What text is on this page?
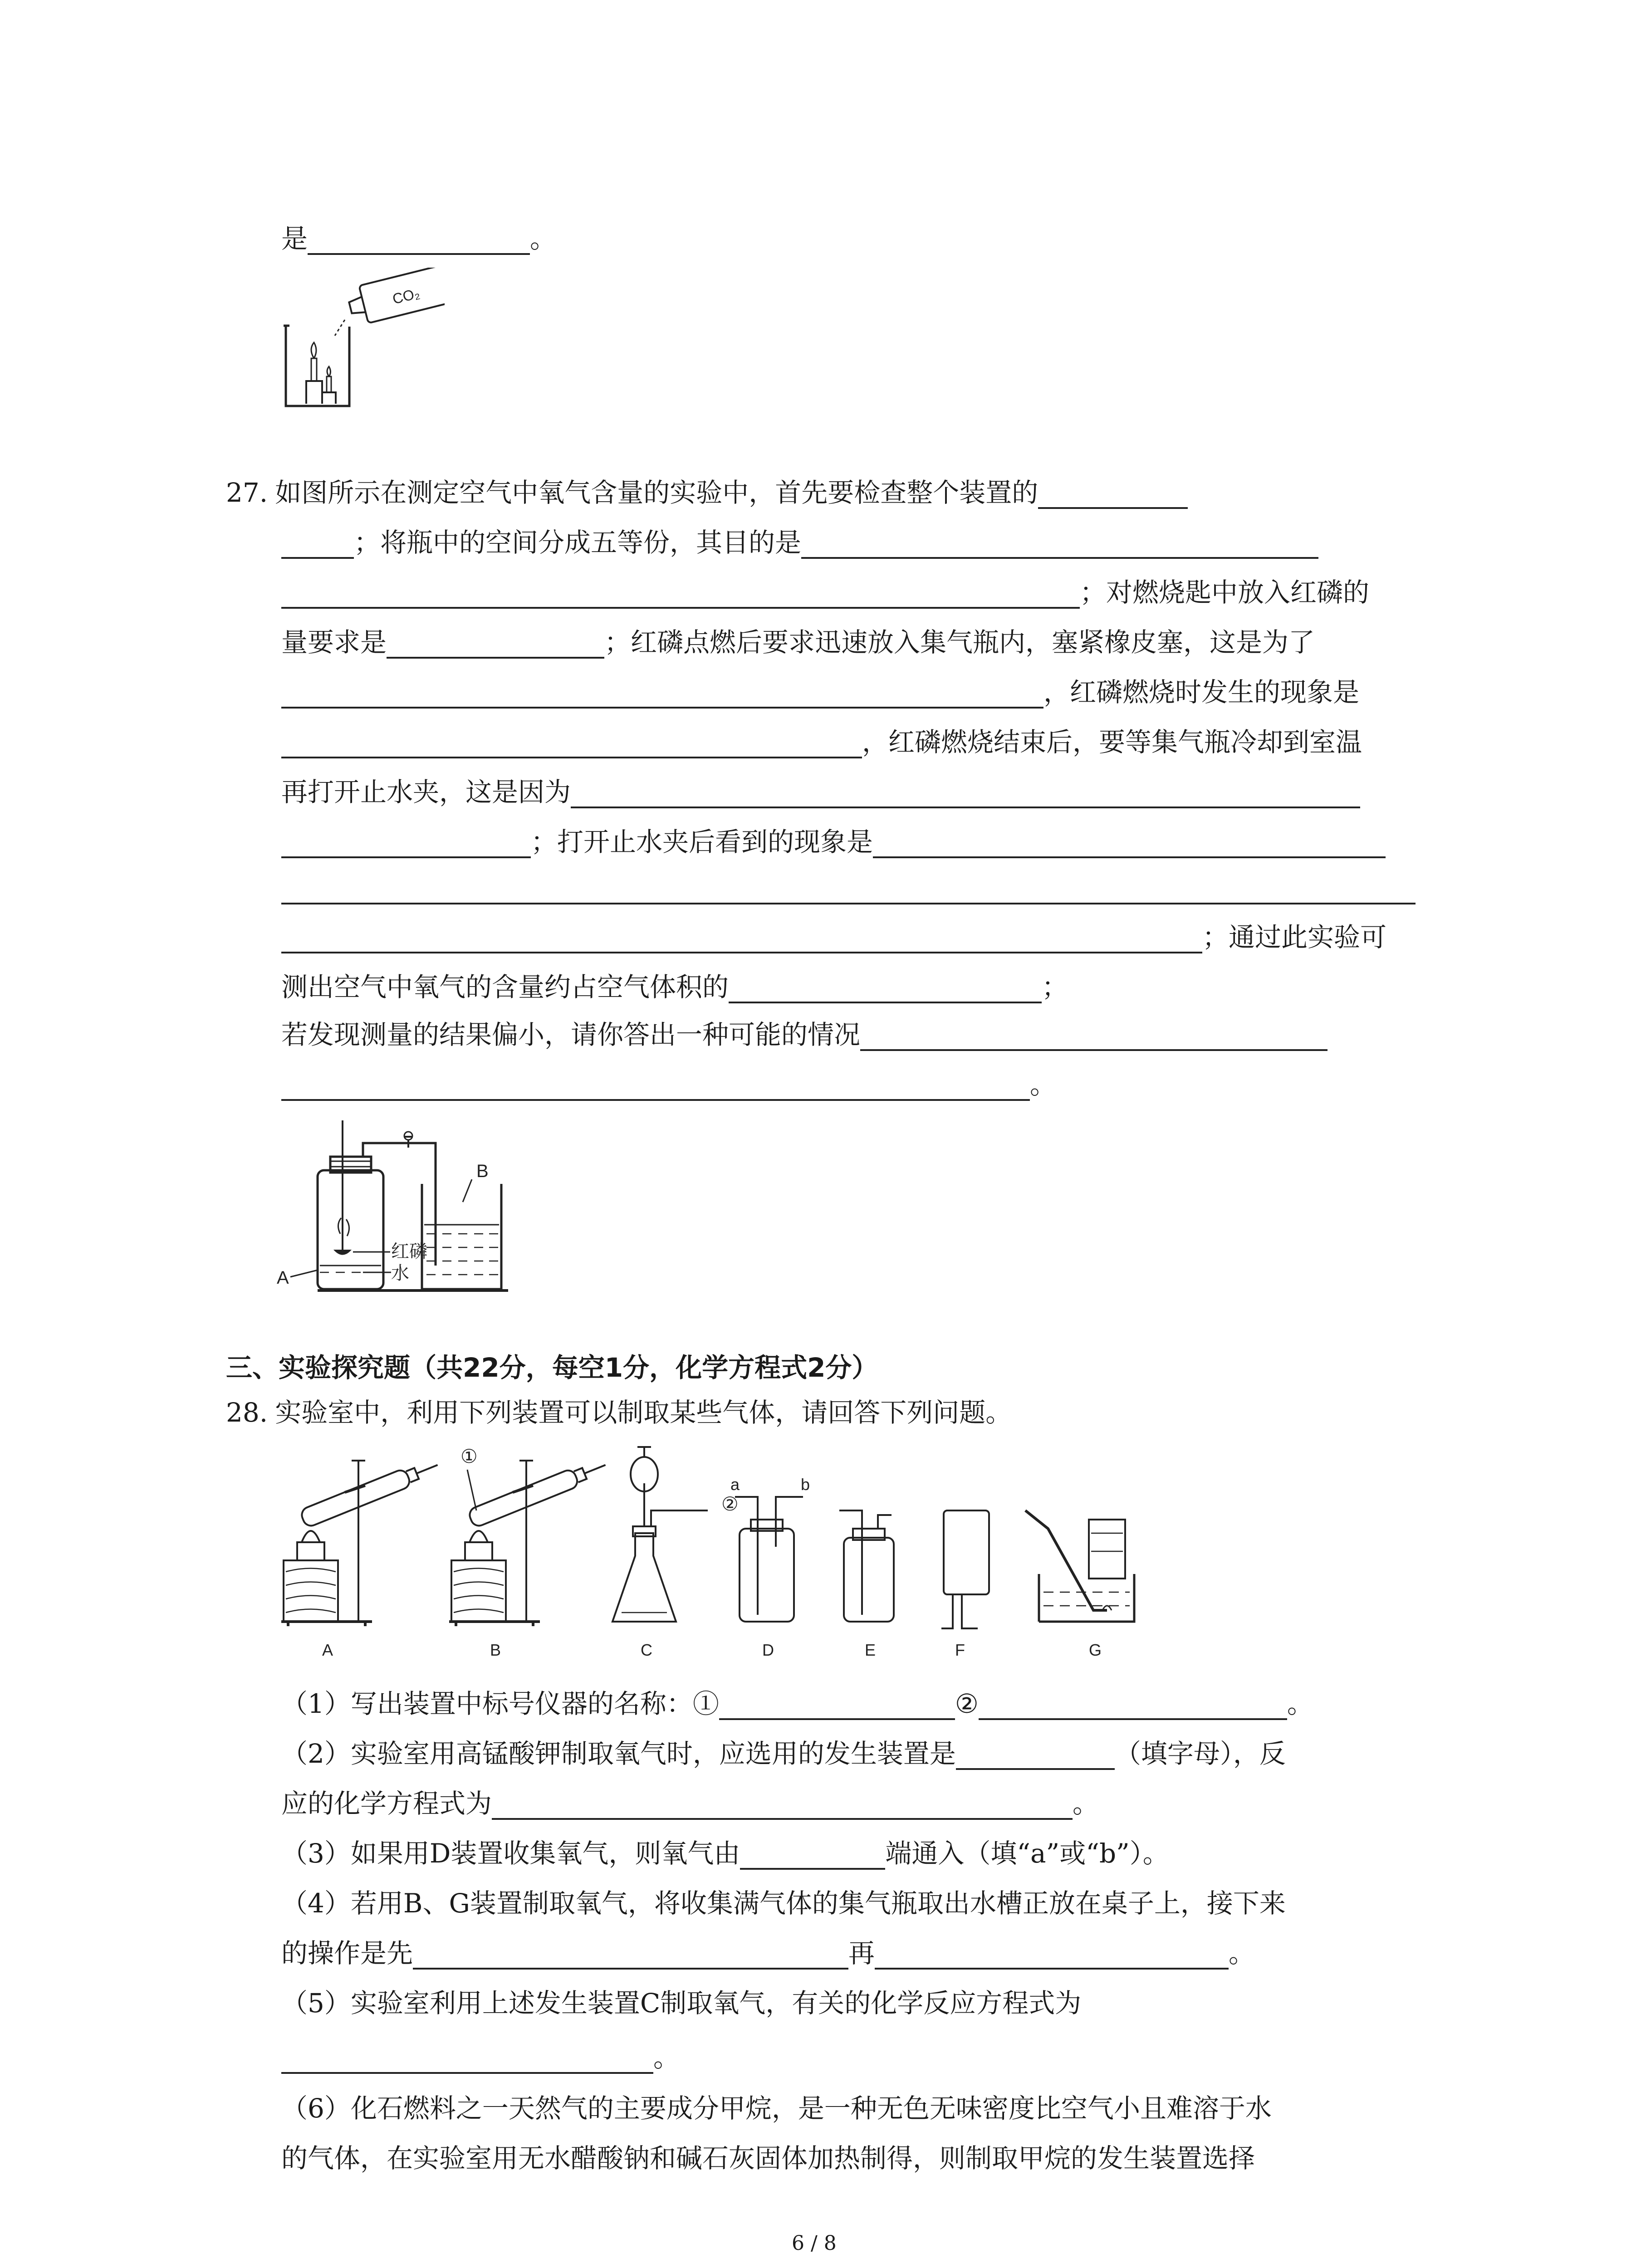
是	。
CO₂
27. 如图所示在测定空气中氧气含量的实验中，首先要检查整个装置的
；将瓶中的空间分成五等份，其目的是
；对燃烧匙中放入红磷的
量要求是	；红磷点燃后要求迅速放入集气瓶内，塞紧橡皮塞，这是为了
，红磷燃烧时发生的现象是
，红磷燃烧结束后，要等集气瓶冷却到室温
再打开止水夹，这是因为
；打开止水夹后看到的现象是
；通过此实验可
测出空气中氧气的含量约占空气体积的	；
若发现测量的结果偏小，请你答出一种可能的情况
。
A
B
红磷
水
三、实验探究题（共22分，每空1分，化学方程式2分）
28. 实验室中，利用下列装置可以制取某些气体，请回答下列问题。
A	B	C	D	E	F	G
①
②
a	b
（1）写出装置中标号仪器的名称：①	②	。
（2）实验室用高锰酸钾制取氧气时，应选用的发生装置是	（填字母），反
应的化学方程式为	。
（3）如果用D装置收集氧气，则氧气由	端通入（填“a”或“b”）。
（4）若用B、G装置制取氧气，将收集满气体的集气瓶取出水槽正放在桌子上，接下来
的操作是先	再	。
（5）实验室利用上述发生装置C制取氧气，有关的化学反应方程式为
。
（6）化石燃料之一天然气的主要成分甲烷，是一种无色无味密度比空气小且难溶于水
的气体，在实验室用无水醋酸钠和碱石灰固体加热制得，则制取甲烷的发生装置选择
6 / 8
